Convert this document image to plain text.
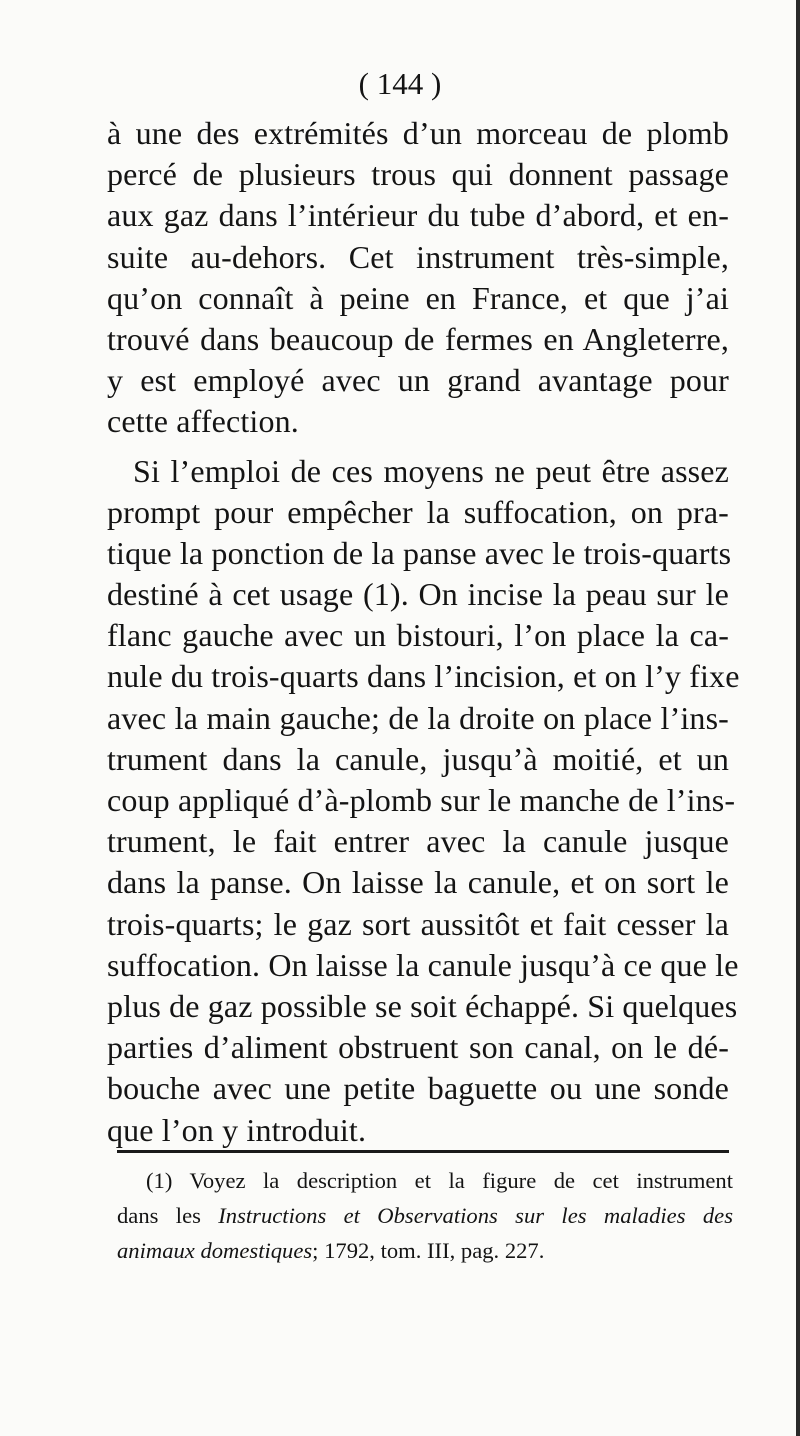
( 144 )
à une des extrémités d’un morceau de plomb
percé de plusieurs trous qui donnent passage
aux gaz dans l’intérieur du tube d’abord, et en-
suite au-dehors. Cet instrument très-simple,
qu’on connaît à peine en France, et que j’ai
trouvé dans beaucoup de fermes en Angleterre,
y est employé avec un grand avantage pour
cette affection.
Si l’emploi de ces moyens ne peut être assez
prompt pour empêcher la suffocation, on pra-
tique la ponction de la panse avec le trois-quarts
destiné à cet usage (1). On incise la peau sur le
flanc gauche avec un bistouri, l’on place la ca-
nule du trois-quarts dans l’incision, et on l’y fixe
avec la main gauche; de la droite on place l’ins-
trument dans la canule, jusqu’à moitié, et un
coup appliqué d’à-plomb sur le manche de l’ins-
trument, le fait entrer avec la canule jusque
dans la panse. On laisse la canule, et on sort le
trois-quarts; le gaz sort aussitôt et fait cesser la
suffocation. On laisse la canule jusqu’à ce que le
plus de gaz possible se soit échappé. Si quelques
parties d’aliment obstruent son canal, on le dé-
bouche avec une petite baguette ou une sonde
que l’on y introduit.
(1) Voyez la description et la figure de cet instrument
dans les Instructions et Observations sur les maladies des
animaux domestiques; 1792, tom. III, pag. 227.
